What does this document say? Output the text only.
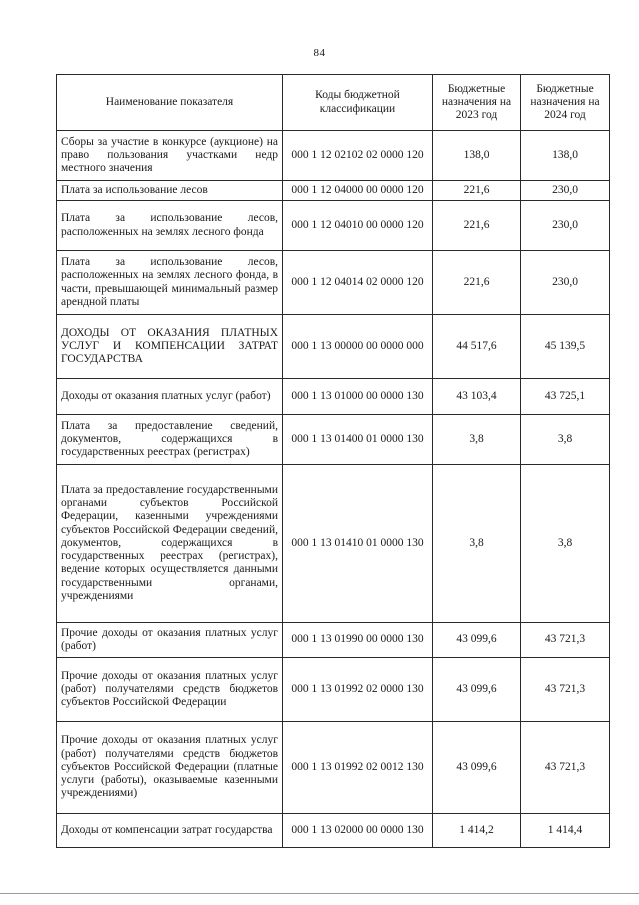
84
Наименование показателя	Коды бюджетной классификации	Бюджетные назначения на 2023 год	Бюджетные назначения на 2024 год
Сборы за участие в конкурсе (аукционе) на право пользования участками недр местного значения	000 1 12 02102 02 0000 120	138,0	138,0
Плата за использование лесов	000 1 12 04000 00 0000 120	221,6	230,0
Плата за использование лесов, расположенных на землях лесного фонда	000 1 12 04010 00 0000 120	221,6	230,0
Плата за использование лесов, расположенных на землях лесного фонда, в части, превышающей минимальный размер арендной платы	000 1 12 04014 02 0000 120	221,6	230,0
ДОХОДЫ ОТ ОКАЗАНИЯ ПЛАТНЫХ УСЛУГ И КОМПЕНСАЦИИ ЗАТРАТ ГОСУДАРСТВА	000 1 13 00000 00 0000 000	44 517,6	45 139,5
Доходы от оказания платных услуг (работ)	000 1 13 01000 00 0000 130	43 103,4	43 725,1
Плата за предоставление сведений, документов, содержащихся в государственных реестрах (регистрах)	000 1 13 01400 01 0000 130	3,8	3,8
Плата за предоставление государственными органами субъектов Российской Федерации, казенными учреждениями субъектов Российской Федерации сведений, документов, содержащихся в государственных реестрах (регистрах), ведение которых осуществляется данными государственными органами, учреждениями	000 1 13 01410 01 0000 130	3,8	3,8
Прочие доходы от оказания платных услуг (работ)	000 1 13 01990 00 0000 130	43 099,6	43 721,3
Прочие доходы от оказания платных услуг (работ) получателями средств бюджетов субъектов Российской Федерации	000 1 13 01992 02 0000 130	43 099,6	43 721,3
Прочие доходы от оказания платных услуг (работ) получателями средств бюджетов субъектов Российской Федерации (платные услуги (работы), оказываемые казенными учреждениями)	000 1 13 01992 02 0012 130	43 099,6	43 721,3
Доходы от компенсации затрат государства	000 1 13 02000 00 0000 130	1 414,2	1 414,4
